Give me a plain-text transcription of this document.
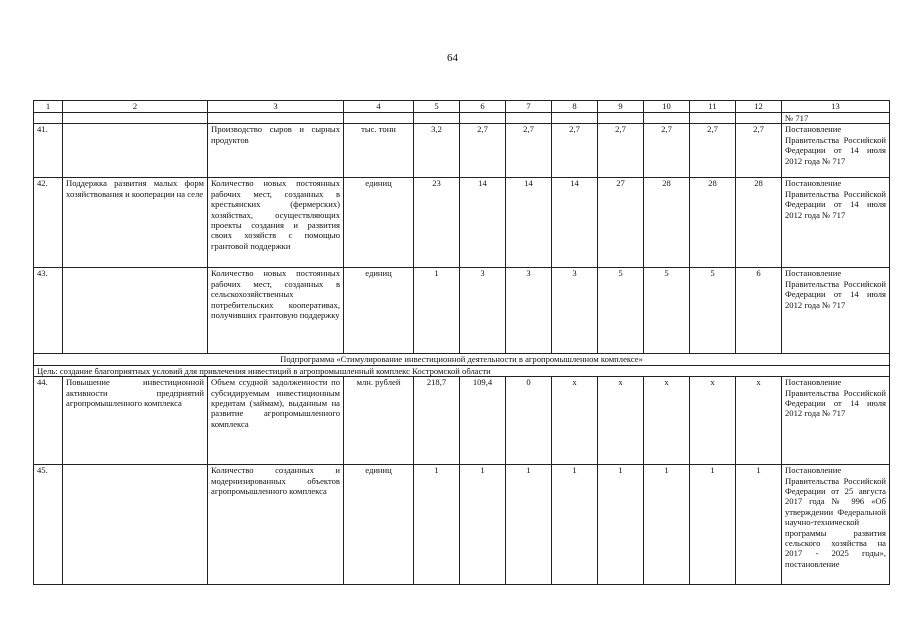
64
1	2	3	4	5	6	7	8	9	10	11	12	13
												№ 717
41.		Производство сыров и сырных продуктов	тыс. тонн	3,2	2,7	2,7	2,7	2,7	2,7	2,7	2,7	Постановление Правительства Российской Федерации от 14 июля 2012 года № 717
42.	Поддержка развития малых форм хозяйствования и кооперации на селе	Количество новых постоянных рабочих мест, созданных в крестьянских (фермерских) хозяйствах, осуществляющих проекты создания и развития своих хозяйств с помощью грантовой поддержки	единиц	23	14	14	14	27	28	28	28	Постановление Правительства Российской Федерации от 14 июля 2012 года № 717
43.		Количество новых постоянных рабочих мест, созданных в сельскохозяйственных потребительских кооперативах, получивших грантовую поддержку	единиц	1	3	3	3	5	5	5	6	Постановление Правительства Российской Федерации от 14 июля 2012 года № 717
Подпрограмма «Стимулирование инвестиционной деятельности в агропромышленном комплексе»												
Цель: создание благоприятных условий для привлечения инвестиций в агропромышленный комплекс Костромской области												
44.	Повышение инвестиционной активности предприятий агропромышленного комплекса	Объем ссудной задолженности по субсидируемым инвестиционным кредитам (займам), выданным на развитие агропромышленного комплекса	млн. рублей	218,7	109,4	0	х	х	х	х	х	Постановление Правительства Российской Федерации от 14 июля 2012 года № 717
45.		Количество созданных и модернизированных объектов агропромышленного комплекса	единиц	1	1	1	1	1	1	1	1	Постановление Правительства Российской Федерации от 25 августа 2017 года № 996 «Об утверждении Федеральной научно-технической программы развития сельского хозяйства на 2017 - 2025 годы», постановление
